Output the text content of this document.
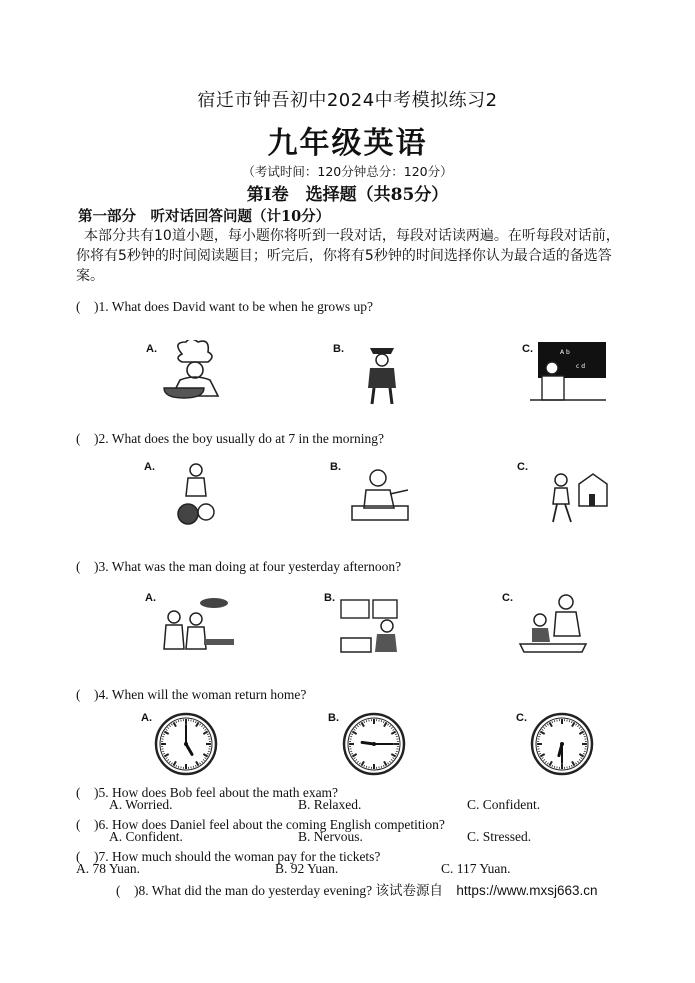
宿迁市钟吾初中2024中考模拟练习2
九年级英语
（考试时间：120分钟总分：120分）
第Ⅰ卷　选择题（共85分）
第一部分　听对话回答问题（计10分）
本部分共有10道小题，每小题你将听到一段对话，每段对话读两遍。在听每段对话前，你将有5秒钟的时间阅读题目；听完后，你将有5秒钟的时间选择你认为最合适的备选答案。
(　)1. What does David want to be when he grows up?
A.	B.	C.	A b
c d
(　)2. What does the boy usually do at 7 in the morning?
A.	B.	C.
(　)3. What was the man doing at four yesterday afternoon?
A.	B.	C.
(　)4. When will the woman return home?
A.	B.	C.
(　)5. How does Bob feel about the math exam?
A. Worried.	B. Relaxed.	C. Confident.
(　)6. How does Daniel feel about the coming English competition?
A. Confident.	B. Nervous.	C. Stressed.
(　)7. How much should the woman pay for the tickets?
A. 78 Yuan.	B. 92 Yuan.	C. 117 Yuan.
(　)8. What did the man do yesterday evening? 该试卷源自 https://www.mxsj663.cn
